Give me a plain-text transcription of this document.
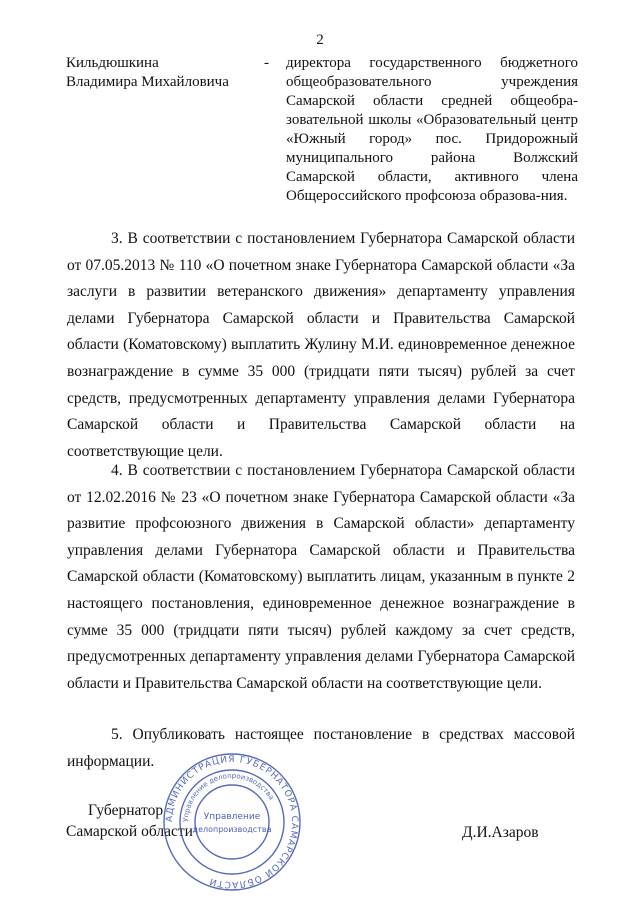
2
Кильдюшкина
Владимира Михайловича
- директора государственного бюджетного общеобразовательного учреждения Самарской области средней общеобра-зовательной школы «Образовательный центр «Южный город» пос. Придорожный муниципального района Волжский Самарской области, активного члена Общероссийского профсоюза образова-ния.
3. В соответствии с постановлением Губернатора Самарской области от 07.05.2013 № 110 «О почетном знаке Губернатора Самарской области «За заслуги в развитии ветеранского движения» департаменту управления делами Губернатора Самарской области и Правительства Самарской области (Коматовскому) выплатить Жулину М.И. единовременное денежное вознаграждение в сумме 35 000 (тридцати пяти тысяч) рублей за счет средств, предусмотренных департаменту управления делами Губернатора Самарской области и Правительства Самарской области на соответствующие цели.
4. В соответствии с постановлением Губернатора Самарской области от 12.02.2016 № 23 «О почетном знаке Губернатора Самарской области «За развитие профсоюзного движения в Самарской области» департаменту управления делами Губернатора Самарской области и Правительства Самарской области (Коматовскому) выплатить лицам, указанным в пункте 2 настоящего постановления, единовременное денежное вознаграждение в сумме 35 000 (тридцати пяти тысяч) рублей каждому за счет средств, предусмотренных департаменту управления делами Губернатора Самарской области и Правительства Самарской области на соответствующие цели.
5. Опубликовать настоящее постановление в средствах массовой информации.
Губернатор
Самарской области	Д.И.Азаров
АДМИНИСТРАЦИЯ ГУБЕРНАТОРА САМАРСКОЙ ОБЛАСТИ
Управление делопроизводства
Управление
делопроизводства
